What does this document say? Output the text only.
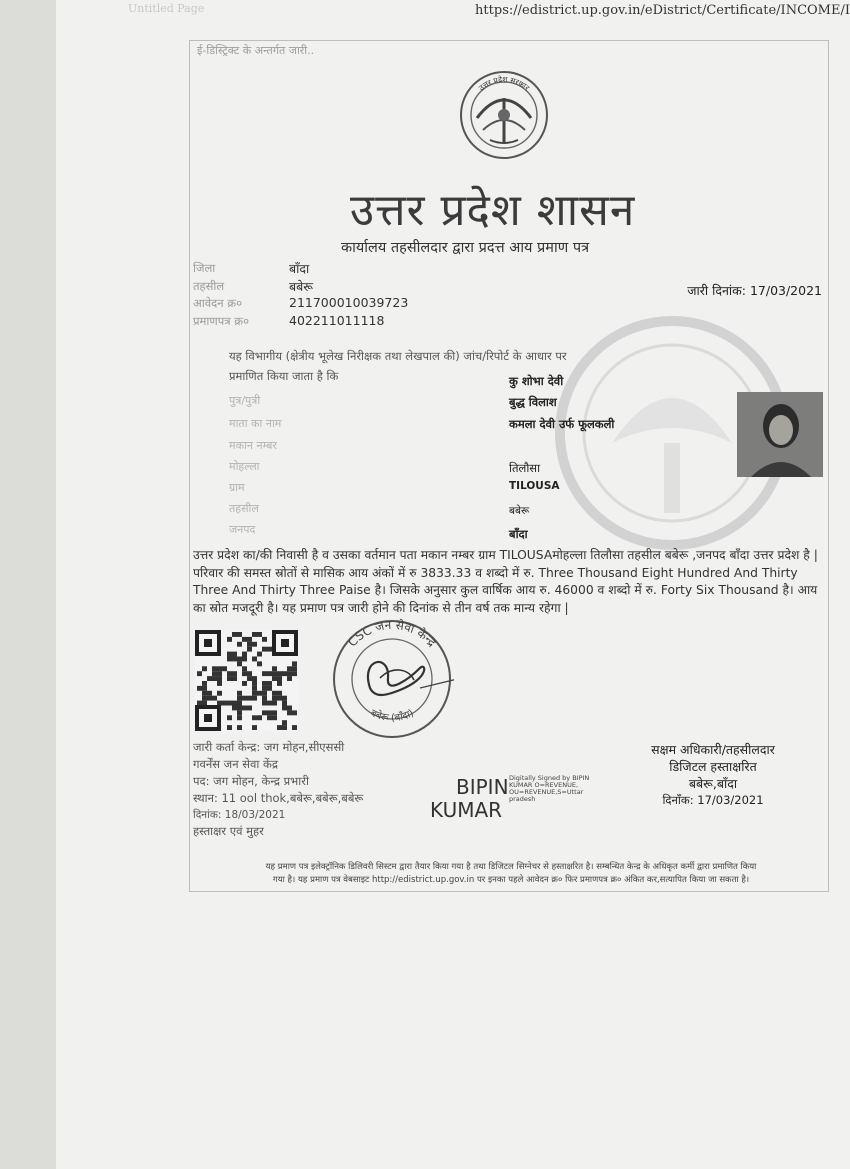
Untitled Page	https://edistrict.up.gov.in/eDistrict/Certificate/INCOME/I
ई-डिस्ट्रिक्ट के अन्तर्गत जारी..
उत्तर प्रदेश सरकार
उत्तर प्रदेश शासन
कार्यालय तहसीलदार द्वारा प्रदत्त आय प्रमाण पत्र
जिला	बाँदा
तहसील	बबेरू
आवेदन क्र०	211700010039723
प्रमाणपत्र क्र०	402211011118
जारी दिनांक: 17/03/2021
यह विभागीय (क्षेत्रीय भूलेख निरीक्षक तथा लेखपाल की) जांच/रिपोर्ट के आधार पर
प्रमाणित किया जाता है कि	कु शोभा देवी
पुत्र/पुत्री	बुद्ध विलाश
माता का नाम	कमला देवी उर्फ फूलकली
मकान नम्बर
मोहल्ला	तिलौसा
ग्राम	TILOUSA
तहसील	बबेरू
जनपद	बाँदा
उत्तर प्रदेश का/की निवासी है व उसका वर्तमान पता मकान नम्बर ग्राम TILOUSAमोहल्ला तिलौसा तहसील बबेरू ,जनपद बाँदा उत्तर प्रदेश है | परिवार की समस्त स्रोतों से मासिक आय अंकों में रु 3833.33 व शब्दो में रु. Three Thousand Eight Hundred And Thirty Three And Thirty Three Paise है। जिसके अनुसार कुल वार्षिक आय रु. 46000 व शब्दो में रु. Forty Six Thousand है। आय का स्रोत मजदूरी है। यह प्रमाण पत्र जारी होने की दिनांक से तीन वर्ष तक मान्य रहेगा |
CSC जन सेवा केन्द्र
बबेरू (बाँदा)
जारी कर्ता केन्द्र: जग मोहन,सीएससी
गवर्नेंस जन सेवा केंद्र
पद: जग मोहन, केन्द्र प्रभारी
स्थान: 11 ool thok,बबेरू,बबेरू,बबेरू
दिनांक: 18/03/2021
हस्ताक्षर एवं मुहर
BIPIN
KUMAR
Digitally Signed by BIPIN KUMAR O=REVENUE, OU=REVENUE,S=Uttar pradesh
सक्षम अधिकारी/तहसीलदार
डिजिटल हस्ताक्षरित
बबेरू,बाँदा
दिनाँक: 17/03/2021
यह प्रमाण पत्र इलेक्ट्रॉनिक डिलिवरी सिस्टम द्वारा तैयार किया गया है तथा डिजिटल सिग्नेचर से हस्ताक्षरित है। सम्बन्धित केन्द्र के अधिकृत कर्मी द्वारा प्रमाणित किया
गया है। यह प्रमाण पत्र वेबसाइट http://edistrict.up.gov.in पर इनका पहले आवेदन क्र० फिर प्रमाणपत्र क्र० अंकित कर,सत्यापित किया जा सकता है।
